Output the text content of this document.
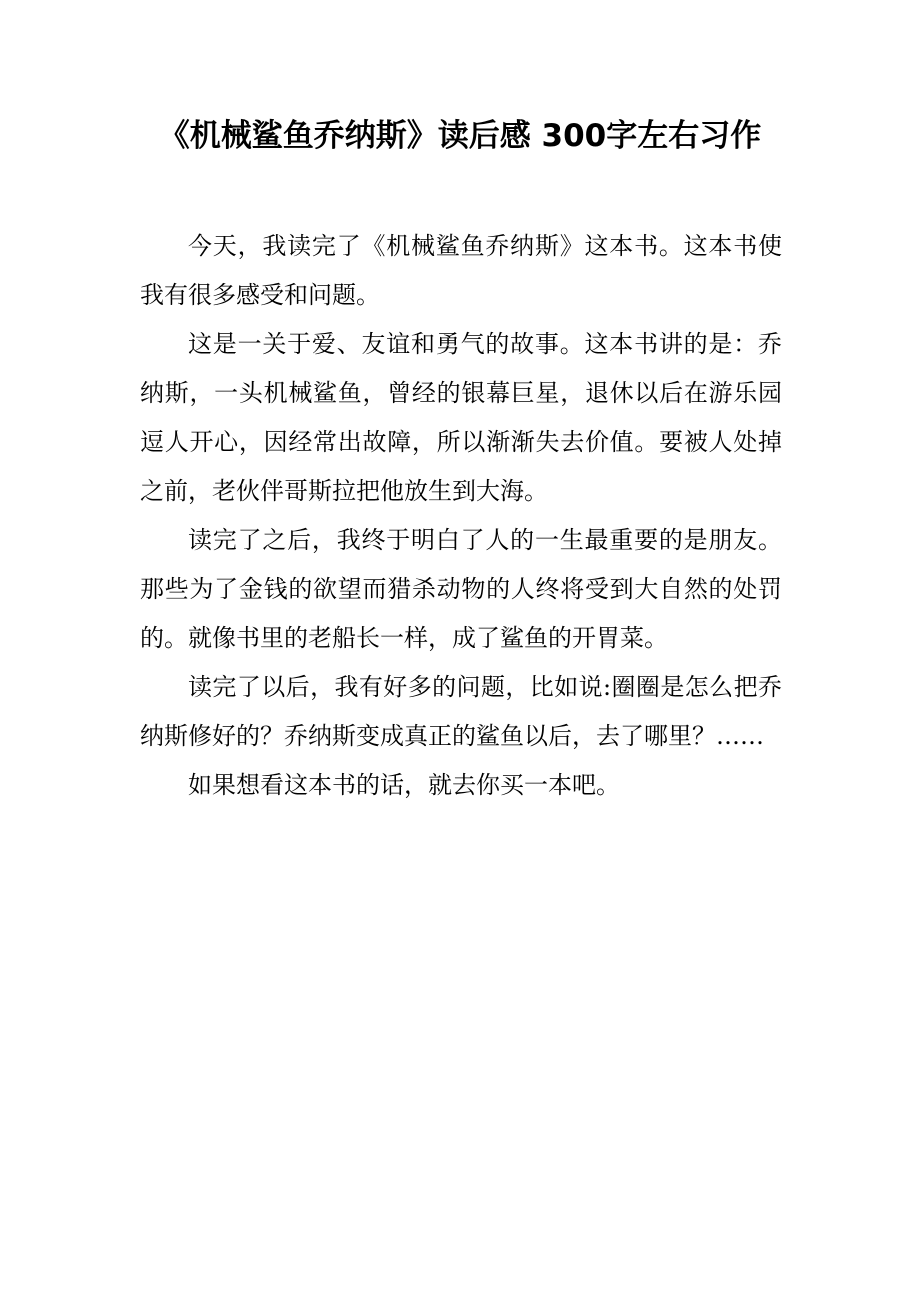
《机械鲨鱼乔纳斯》读后感 300字左右习作

今天，我读完了《机械鲨鱼乔纳斯》这本书。这本书使我有很多感受和问题。

这是一关于爱、友谊和勇气的故事。这本书讲的是：乔纳斯，一头机械鲨鱼，曾经的银幕巨星，退休以后在游乐园逗人开心，因经常出故障，所以渐渐失去价值。要被人处掉之前，老伙伴哥斯拉把他放生到大海。

读完了之后，我终于明白了人的一生最重要的是朋友。那些为了金钱的欲望而猎杀动物的人终将受到大自然的处罚的。就像书里的老船长一样，成了鲨鱼的开胃菜。

读完了以后，我有好多的问题，比如说:圈圈是怎么把乔纳斯修好的？乔纳斯变成真正的鲨鱼以后，去了哪里？……

如果想看这本书的话，就去你买一本吧。
